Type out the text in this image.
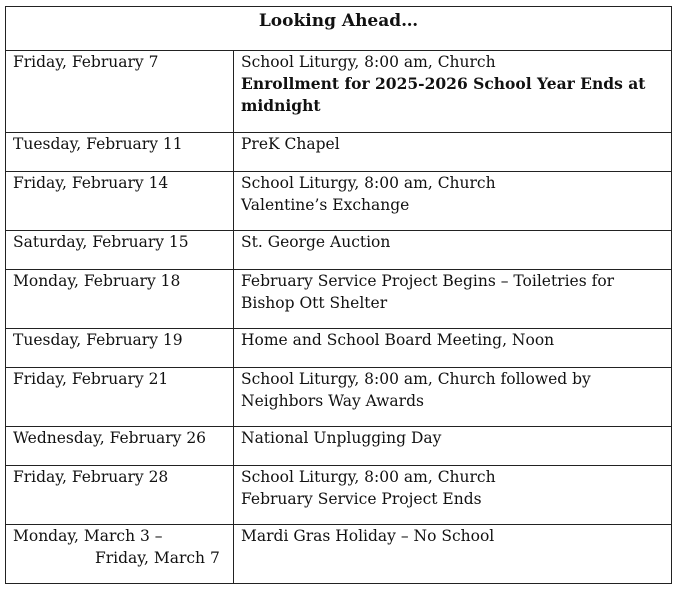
Looking Ahead…	
Friday, February 7	School Liturgy, 8:00 am, Church
Enrollment for 2025-2026 School Year Ends at midnight

Tuesday, February 11	PreK Chapel

Friday, February 14	School Liturgy, 8:00 am, Church
Valentine’s Exchange

Saturday, February 15	St. George Auction

Monday, February 18	February Service Project Begins – Toiletries for Bishop Ott Shelter

Tuesday, February 19	Home and School Board Meeting, Noon

Friday, February 21	School Liturgy, 8:00 am, Church followed by Neighbors Way Awards

Wednesday, February 26	National Unplugging Day

Friday, February 28	School Liturgy, 8:00 am, Church
February Service Project Ends

Monday, March 3 –
Friday, March 7	Mardi Gras Holiday – No School
